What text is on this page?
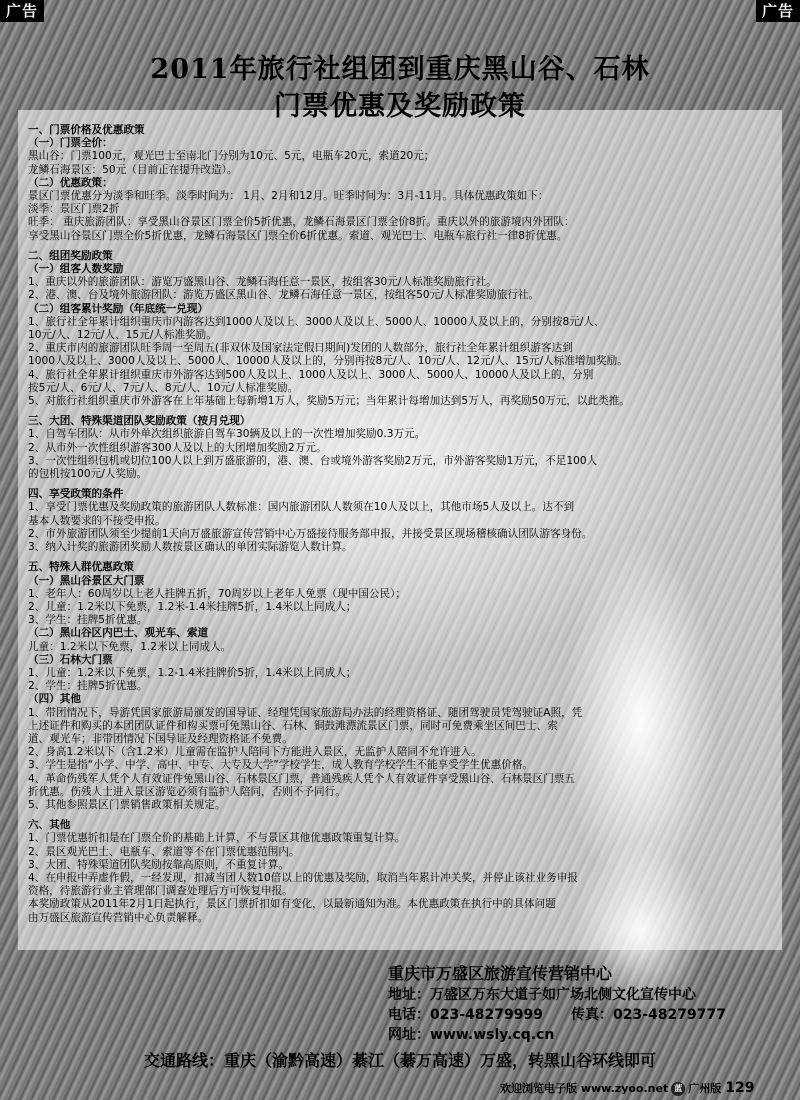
广告	广告
2011年旅行社组团到重庆黑山谷、石林
门票优惠及奖励政策
一、门票价格及优惠政策
（一）门票全价：
黑山谷：门票100元，观光巴士至南北门分别为10元、5元，电瓶车20元，索道20元；
龙鳞石海景区：50元（目前正在提升改造）。
（二）优惠政策：
景区门票优惠分为淡季和旺季。淡季时间为： 1月、2月和12月。旺季时间为：3月-11月。具体优惠政策如下：
淡季：景区门票2折
旺季： 重庆旅游团队：享受黑山谷景区门票全价5折优惠，龙鳞石海景区门票全价8折。重庆以外的旅游境内外团队：
享受黑山谷景区门票全价5折优惠，龙鳞石海景区门票全价6折优惠。索道、观光巴士、电瓶车旅行社一律8折优惠。
二、组团奖励政策
（一）组客人数奖励
1、重庆以外的旅游团队：游览万盛黑山谷、龙鳞石海任意一景区，按组客30元/人标准奖励旅行社。
2、港、澳、台及境外旅游团队：游览万盛区黑山谷、龙鳞石海任意一景区，按组客50元/人标准奖励旅行社。
（二）组客累计奖励（年底统一兑现）
1、旅行社全年累计组织重庆市内游客达到1000人及以上、3000人及以上、5000人、10000人及以上的，分别按8元/人、
10元/人、12元/人、15元/人标准奖励。
2、重庆市内的旅游团队旺季周一至周五(非双休及国家法定假日期间)发团的人数部分，旅行社全年累计组织游客达到
1000人及以上、3000人及以上、5000人、10000人及以上的，分别再按8元/人、10元/人、12元/人、15元/人标准增加奖励。
4、旅行社全年累计组织重庆市外游客达到500人及以上、1000人及以上、3000人、5000人、10000人及以上的，分别
按5元/人、6元/人、7元/人、8元/人、10元/人标准奖励。
5、对旅行社组织重庆市外游客在上年基础上每新增1万人，奖励5万元；当年累计每增加达到5万人，再奖励50万元，以此类推。
三、大团、特殊渠道团队奖励政策（按月兑现）
1、自驾车团队：从市外单次组织旅游自驾车30辆及以上的一次性增加奖励0.3万元。
2、从市外一次性组织游客300人及以上的大团增加奖励2万元。
3、一次性组织包机或切位100人以上到万盛旅游的，港、澳、台或境外游客奖励2万元，市外游客奖励1万元，不足100人
的包机按100元/人奖励。
四、享受政策的条件
1、享受门票优惠及奖励政策的旅游团队人数标准：国内旅游团队人数须在10人及以上，其他市场5人及以上。达不到
基本人数要求的不接受申报。
2、市外旅游团队须至少提前1天向万盛旅游宣传营销中心万盛接待服务部申报，并接受景区现场稽核确认团队游客身份。
3、纳入计奖的旅游团奖励人数按景区确认的单团实际游览人数计算。
五、特殊人群优惠政策
（一）黑山谷景区大门票
1、老年人：60周岁以上老人挂牌五折，70周岁以上老年人免票（现中国公民）；
2、儿童：1.2米以下免票，1.2米-1.4米挂牌5折，1.4米以上同成人；
3、学生：挂牌5折优惠。
（二）黑山谷区内巴士、观光车、索道
儿童：1.2米以下免票，1.2米以上同成人。
（三）石林大门票
1、儿童：1.2米以下免票，1.2-1.4米挂牌价5折，1.4米以上同成人；
2、学生：挂牌5折优惠。
（四）其他
1、带团情况下，导游凭国家旅游局颁发的国导证、经理凭国家旅游局办法的经理资格证、随团驾驶员凭驾驶证A照，凭
上述证件和购买的本团团队证件和构买票可免黑山谷、石林、铜鼓滩漂流景区门票，同时可免费乘坐区间巴士、索
道、观光车；非带团情况下国导证及经理资格证不免费。
2、身高1.2米以下（含1.2米）儿童需在监护人陪同下方能进入景区，无监护人陪同不允许进入。
3、学生是指“小学、中学、高中、中专、大专及大学”学校学生，成人教育学校学生不能享受学生优惠价格。
4、革命伤残军人凭个人有效证件免黑山谷、石林景区门票，普通残疾人凭个人有效证件享受黑山谷、石林景区门票五
折优惠。伤残人士进入景区游览必须有监护人陪同，否则不予同行。
5、其他参照景区门票销售政策相关规定。
六、其他
1、门票优惠折扣是在门票全价的基础上计算，不与景区其他优惠政策重复计算。
2、景区观光巴士、电瓶车、索道等不在门票优惠范围内。
3、大团、特殊渠道团队奖励按靠高原则，不重复计算。
4、在申报中弄虚作假，一经发现，扣减当团人数10倍以上的优惠及奖励，取消当年累计冲关奖，并停止该社业务申报
资格，待旅游行业主管理部门调查处理后方可恢复申报。
本奖励政策从2011年2月1日起执行，景区门票折扣如有变化，以最新通知为准。本优惠政策在执行中的具体问题
由万盛区旅游宣传营销中心负责解释。
重庆市万盛区旅游宣传营销中心
地址：万盛区万东大道子如广场北侧文化宣传中心
电话：023-48279999 传真：023-48279777
网址：www.wsly.cq.cn
交通路线：重庆（渝黔高速）綦江（綦万高速）万盛，转黑山谷环线即可
欢迎浏览电子版 www.zyoo.net 蓝 广州版 129
